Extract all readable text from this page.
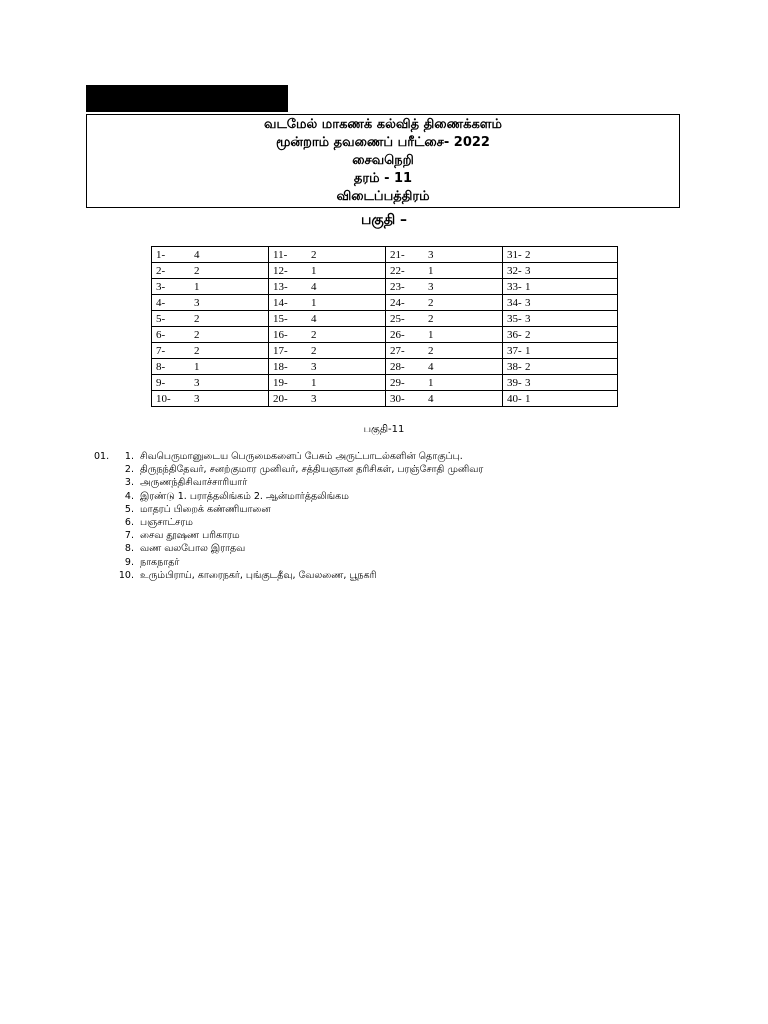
வடமேல் மாகணக் கல்வித் திணைக்களம்
மூன்றாம் தவணைப் பரீட்சை- 2022
சைவநெறி
தரம் - 11
விடைப்பத்திரம்
பகுதி –
1- 4	11- 2	21- 3	31- 2

2- 2	12- 1	22- 1	32- 3

3- 1	13- 4	23- 3	33- 1

4- 3	14- 1	24- 2	34- 3

5- 2	15- 4	25- 2	35- 3

6- 2	16- 2	26- 1	36- 2

7- 2	17- 2	27- 2	37- 1

8- 1	18- 3	28- 4	38- 2

9- 3	19- 1	29- 1	39- 3

10- 3	20- 3	30- 4	40- 1
பகுதி-11
01.	1. சிவபெருமானுடைய பெருமைகளைப் பேசும் அருட்பாடல்களின் தொகுப்பு.
2. திருநந்திதேவர், சனற்குமார முனிவர், சத்தியஞான தரிசிகள், பரஞ்சோதி முனிவர
3. அருணந்திசிவாச்சாரியார்
4. இரண்டு 1. பராத்தலிங்கம் 2. ஆன்மார்த்தலிங்கம
5. மாதரப் பிறைக் கண்ணியானை
6. பஞசாட்சரம
7. சைவ தூஷண பரிகாரம
8. வண வலபோல இராதவ
9. நாகநாதர்
10. உரும்பிராய், காரைநகர், புங்குடதீவு, வேலணை, பூநகரி
